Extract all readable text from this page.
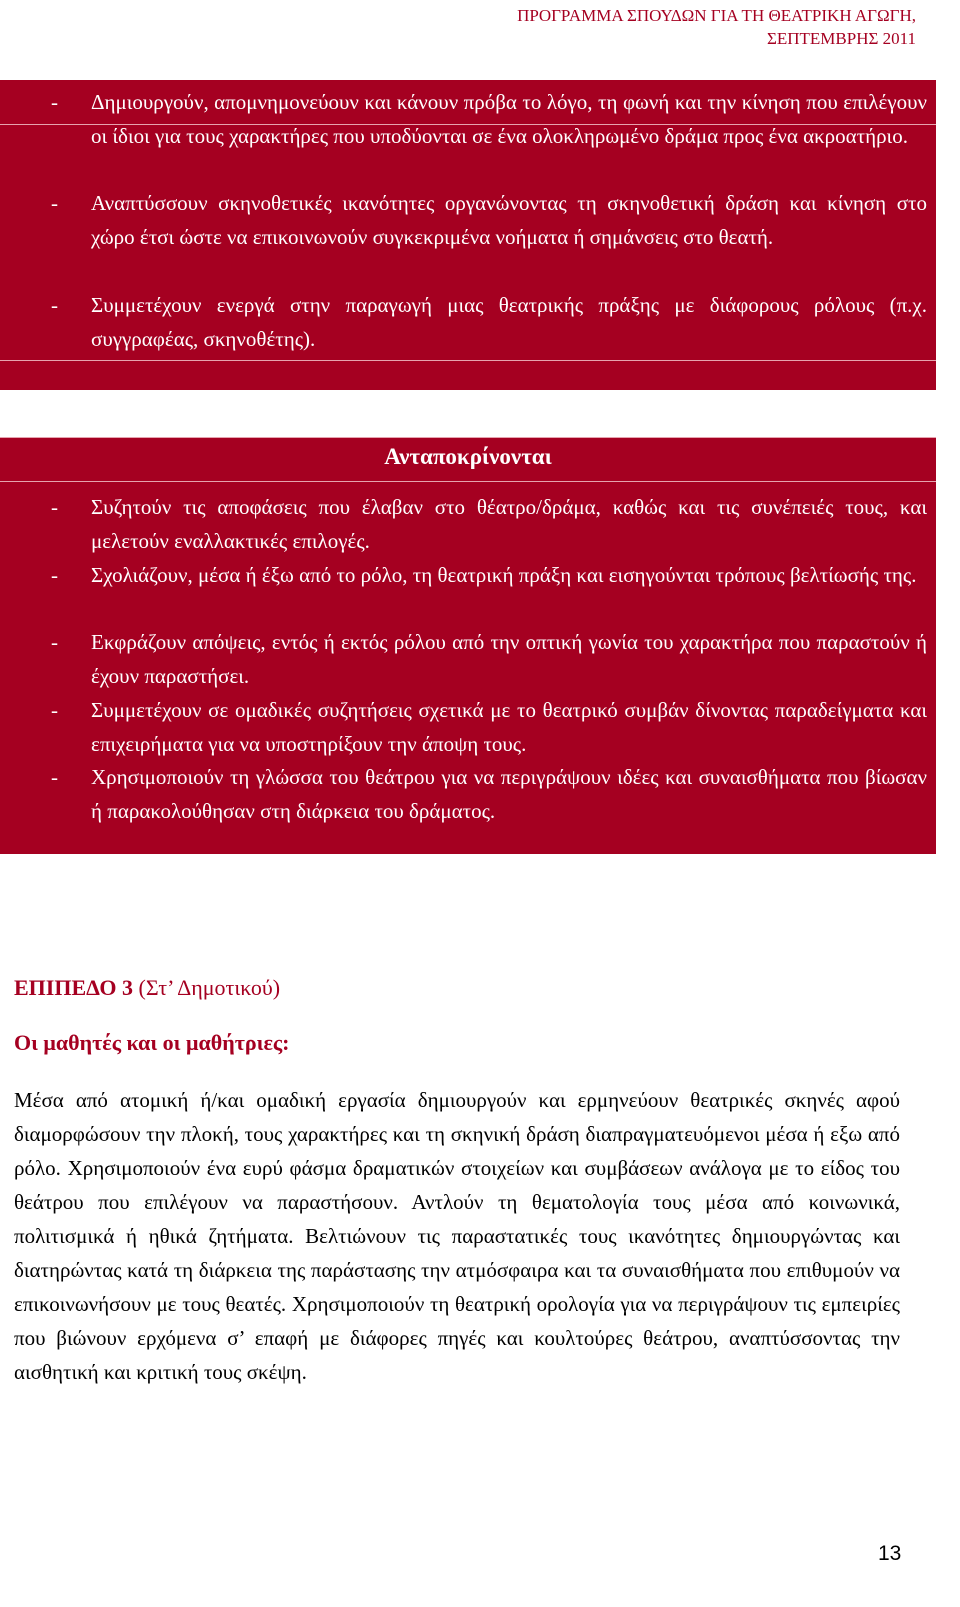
ΠΡΟΓΡΑΜΜΑ ΣΠΟΥΔΩΝ ΓΙΑ ΤΗ ΘΕΑΤΡΙΚΗ ΑΓΩΓΗ,
ΣΕΠΤΕΜΒΡΗΣ 2011
- Δημιουργούν, απομνημονεύουν και κάνουν πρόβα το λόγο, τη φωνή και την κίνηση που επιλέγουν οι ίδιοι για τους χαρακτήρες που υποδύονται σε ένα ολοκληρωμένο δράμα προς ένα ακροατήριο.
- Αναπτύσσουν σκηνοθετικές ικανότητες οργανώνοντας τη σκηνοθετική δράση και κίνηση στο χώρο έτσι ώστε να επικοινωνούν συγκεκριμένα νοήματα ή σημάνσεις στο θεατή.
- Συμμετέχουν ενεργά στην παραγωγή μιας θεατρικής πράξης με διάφορους ρόλους (π.χ. συγγραφέας, σκηνοθέτης).
Ανταποκρίνονται
- Συζητούν τις αποφάσεις που έλαβαν στο θέατρο/δράμα, καθώς και τις συνέπειές τους, και μελετούν εναλλακτικές επιλογές.
- Σχολιάζουν, μέσα ή έξω από το ρόλο, τη θεατρική πράξη και εισηγούνται τρόπους βελτίωσής της.
- Εκφράζουν απόψεις, εντός ή εκτός ρόλου από την οπτική γωνία του χαρακτήρα που παραστούν ή έχουν παραστήσει.
- Συμμετέχουν σε ομαδικές συζητήσεις σχετικά με το θεατρικό συμβάν δίνοντας παραδείγματα και επιχειρήματα για να υποστηρίξουν την άποψη τους.
- Χρησιμοποιούν τη γλώσσα του θεάτρου για να περιγράψουν ιδέες και συναισθήματα που βίωσαν ή παρακολούθησαν στη διάρκεια του δράματος.
ΕΠΙΠΕΔΟ 3 (Στ’ Δημοτικού)
Οι μαθητές και οι μαθήτριες:
Μέσα από ατομική ή/και ομαδική εργασία δημιουργούν και ερμηνεύουν θεατρικές σκηνές αφού διαμορφώσουν την πλοκή, τους χαρακτήρες και τη σκηνική δράση διαπραγματευόμενοι μέσα ή εξω από ρόλο. Χρησιμοποιούν ένα ευρύ φάσμα δραματικών στοιχείων και συμβάσεων ανάλογα με το είδος του θεάτρου που επιλέγουν να παραστήσουν. Αντλούν τη θεματολογία τους μέσα από κοινωνικά, πολιτισμικά ή ηθικά ζητήματα. Βελτιώνουν τις παραστατικές τους ικανότητες δημιουργώντας και διατηρώντας κατά τη διάρκεια της παράστασης την ατμόσφαιρα και τα συναισθήματα που επιθυμούν να επικοινωνήσουν με τους θεατές. Χρησιμοποιούν τη θεατρική ορολογία για να περιγράψουν τις εμπειρίες που βιώνουν ερχόμενα σ’ επαφή με διάφορες πηγές και κουλτούρες θεάτρου, αναπτύσσοντας την αισθητική και κριτική τους σκέψη.
13
